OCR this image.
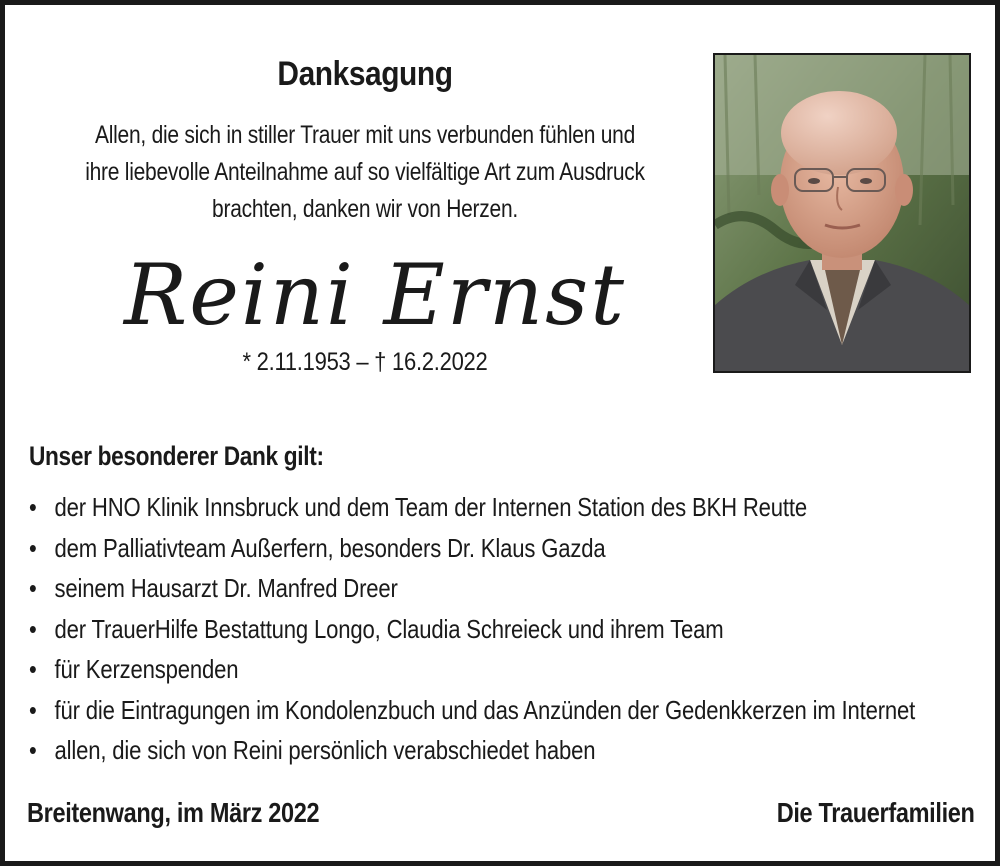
Danksagung
Allen, die sich in stiller Trauer mit uns verbunden fühlen und
ihre liebevolle Anteilnahme auf so vielfältige Art zum Ausdruck
brachten, danken wir von Herzen.
Reini Ernst
* 2.11.1953 – † 16.2.2022
Unser besonderer Dank gilt:
• der HNO Klinik Innsbruck und dem Team der Internen Station des BKH Reutte
• dem Palliativteam Außerfern, besonders Dr. Klaus Gazda
• seinem Hausarzt Dr. Manfred Dreer
• der TrauerHilfe Bestattung Longo, Claudia Schreieck und ihrem Team
• für Kerzenspenden
• für die Eintragungen im Kondolenzbuch und das Anzünden der Gedenkkerzen im Internet
• allen, die sich von Reini persönlich verabschiedet haben
Breitenwang, im März 2022	Die Trauerfamilien
